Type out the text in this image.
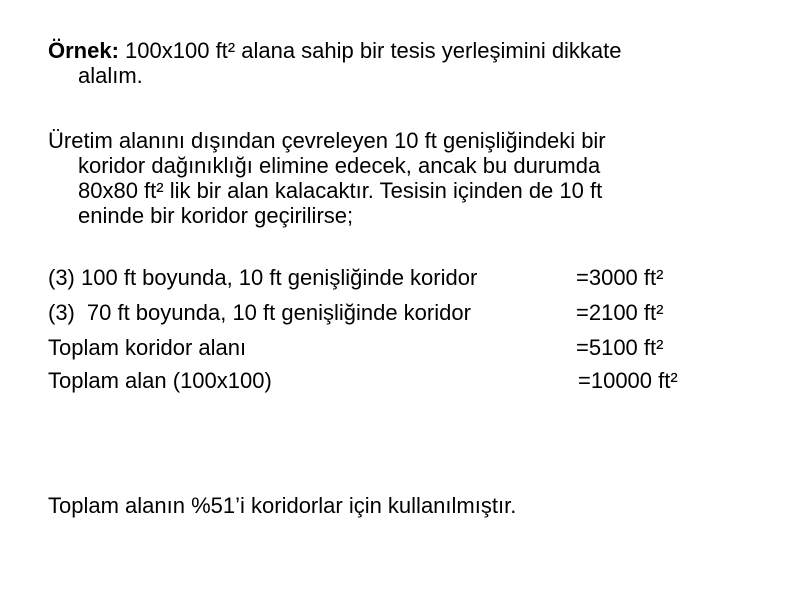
Örnek: 100x100 ft² alana sahip bir tesis yerleşimini dikkate
alalım.
Üretim alanını dışından çevreleyen 10 ft genişliğindeki bir
koridor dağınıklığı elimine edecek, ancak bu durumda
80x80 ft² lik bir alan kalacaktır. Tesisin içinden de 10 ft
eninde bir koridor geçirilirse;
(3) 100 ft boyunda, 10 ft genişliğinde koridor	=3000 ft²
(3) 70 ft boyunda, 10 ft genişliğinde koridor	=2100 ft²
Toplam koridor alanı	=5100 ft²
Toplam alan (100x100)	=10000 ft²
Toplam alanın %51’i koridorlar için kullanılmıştır.
